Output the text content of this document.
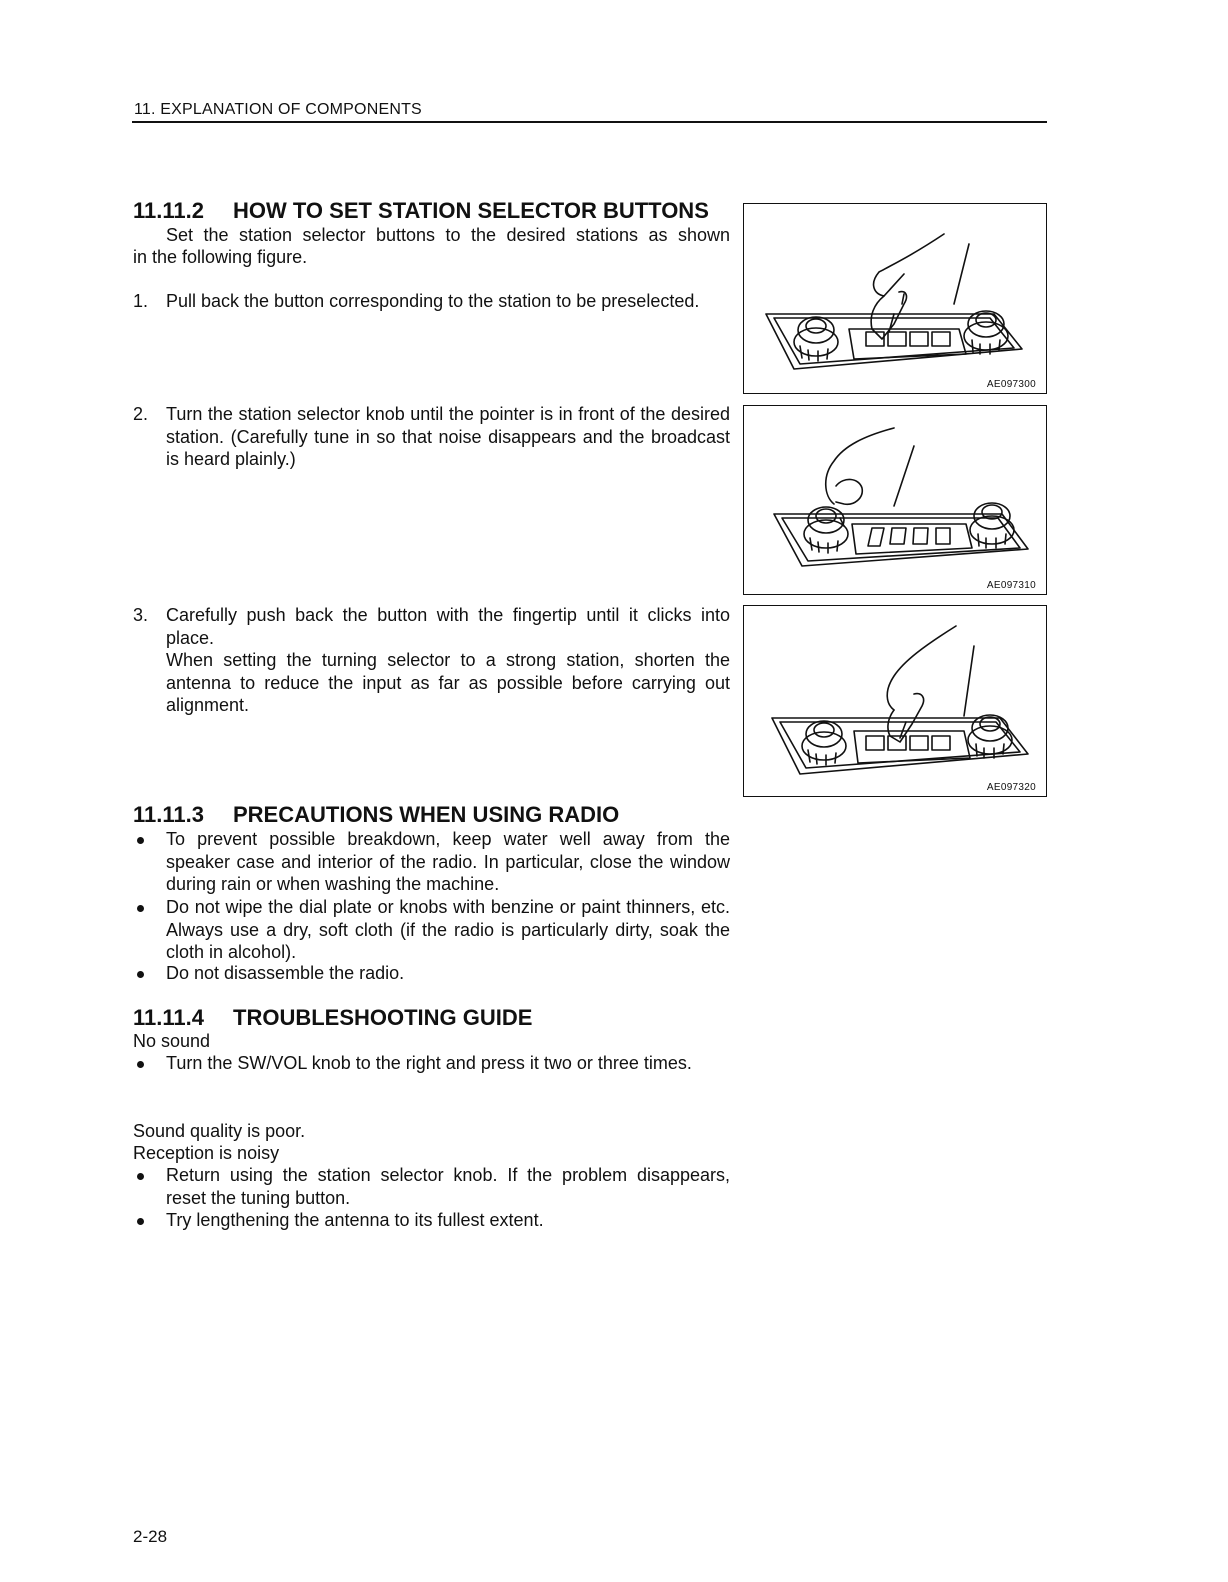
11. EXPLANATION OF COMPONENTS
11.11.2 HOW TO SET STATION SELECTOR BUTTONS
Set the station selector buttons to the desired stations as shown
in the following figure.
1. Pull back the button corresponding to the station to be preselected.
2. Turn the station selector knob until the pointer is in front of the desired station. (Carefully tune in so that noise disappears and the broadcast is heard plainly.)
3. Carefully push back the button with the fingertip until it clicks into place.
When setting the turning selector to a strong station, shorten the antenna to reduce the input as far as possible before carrying out alignment.
AE097300
AE097310
AE097320
11.11.3 PRECAUTIONS WHEN USING RADIO
To prevent possible breakdown, keep water well away from the speaker case and interior of the radio. In particular, close the window during rain or when washing the machine.
Do not wipe the dial plate or knobs with benzine or paint thinners, etc. Always use a dry, soft cloth (if the radio is particularly dirty, soak the cloth in alcohol).
Do not disassemble the radio.
11.11.4 TROUBLESHOOTING GUIDE
No sound
Turn the SW/VOL knob to the right and press it two or three times.
Sound quality is poor.
Reception is noisy
Return using the station selector knob. If the problem disappears, reset the tuning button.
Try lengthening the antenna to its fullest extent.
2-28
